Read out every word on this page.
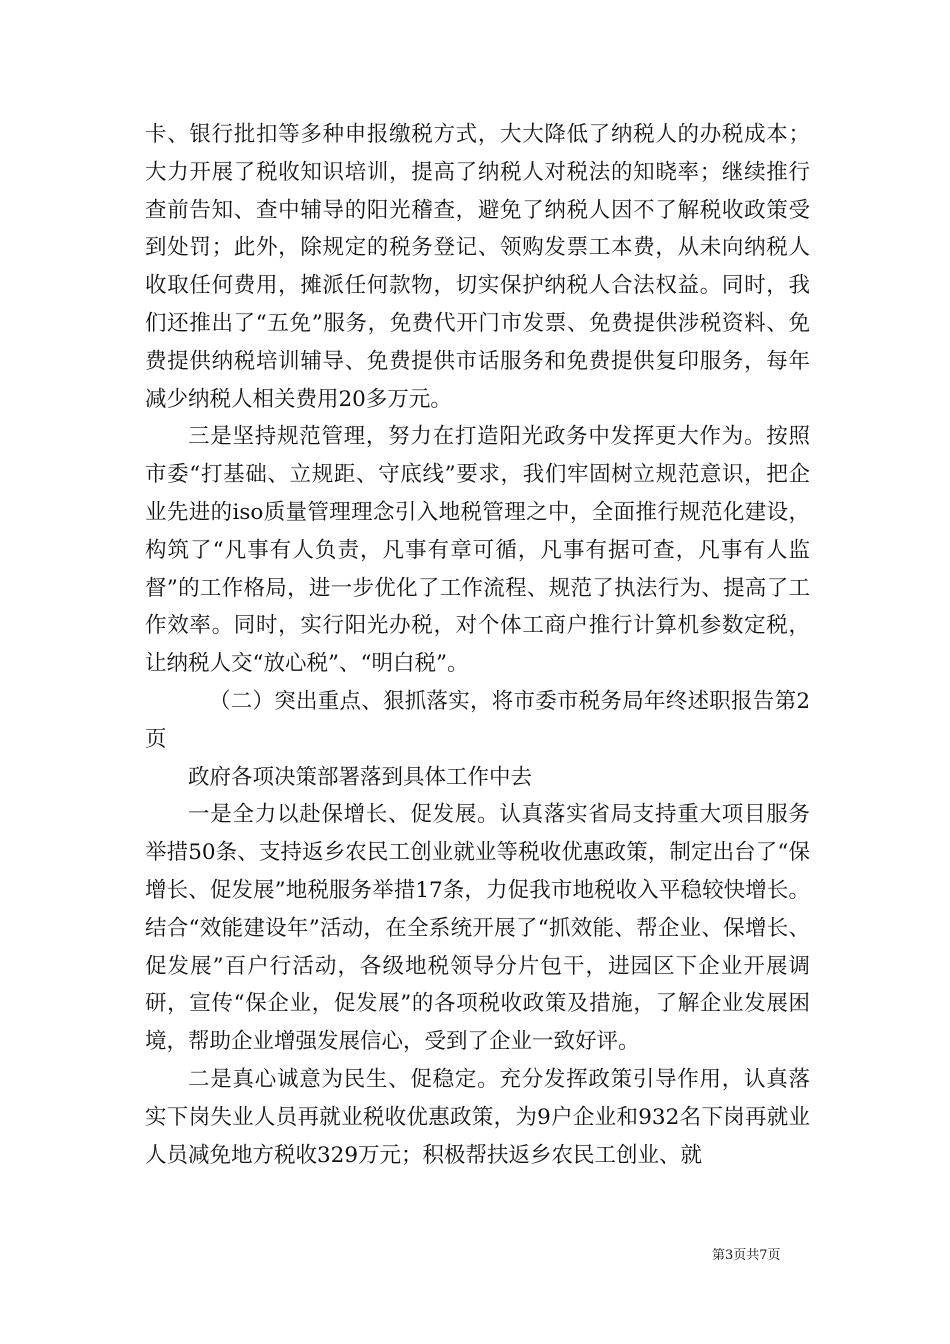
卡、银行批扣等多种申报缴税方式，大大降低了纳税人的办税成本；大力开展了税收知识培训，提高了纳税人对税法的知晓率；继续推行查前告知、查中辅导的阳光稽查，避免了纳税人因不了解税收政策受到处罚；此外，除规定的税务登记、领购发票工本费，从未向纳税人收取任何费用，摊派任何款物，切实保护纳税人合法权益。同时，我们还推出了“五免”服务，免费代开门市发票、免费提供涉税资料、免费提供纳税培训辅导、免费提供市话服务和免费提供复印服务，每年减少纳税人相关费用20多万元。

三是坚持规范管理，努力在打造阳光政务中发挥更大作为。按照市委“打基础、立规距、守底线”要求，我们牢固树立规范意识，把企业先进的iso质量管理理念引入地税管理之中，全面推行规范化建设，构筑了“凡事有人负责，凡事有章可循，凡事有据可查，凡事有人监督”的工作格局，进一步优化了工作流程、规范了执法行为、提高了工作效率。同时，实行阳光办税，对个体工商户推行计算机参数定税，让纳税人交“放心税”、“明白税”。

（二）突出重点、狠抓落实，将市委市税务局年终述职报告第2页

政府各项决策部署落到具体工作中去

一是全力以赴保增长、促发展。认真落实省局支持重大项目服务举措50条、支持返乡农民工创业就业等税收优惠政策，制定出台了“保增长、促发展”地税服务举措17条，力促我市地税收入平稳较快增长。结合“效能建设年”活动，在全系统开展了“抓效能、帮企业、保增长、促发展”百户行活动，各级地税领导分片包干，进园区下企业开展调研，宣传“保企业，促发展”的各项税收政策及措施，了解企业发展困境，帮助企业增强发展信心，受到了企业一致好评。

二是真心诚意为民生、促稳定。充分发挥政策引导作用，认真落实下岗失业人员再就业税收优惠政策，为9户企业和932名下岗再就业人员减免地方税收329万元；积极帮扶返乡农民工创业、就

第3页共7页
